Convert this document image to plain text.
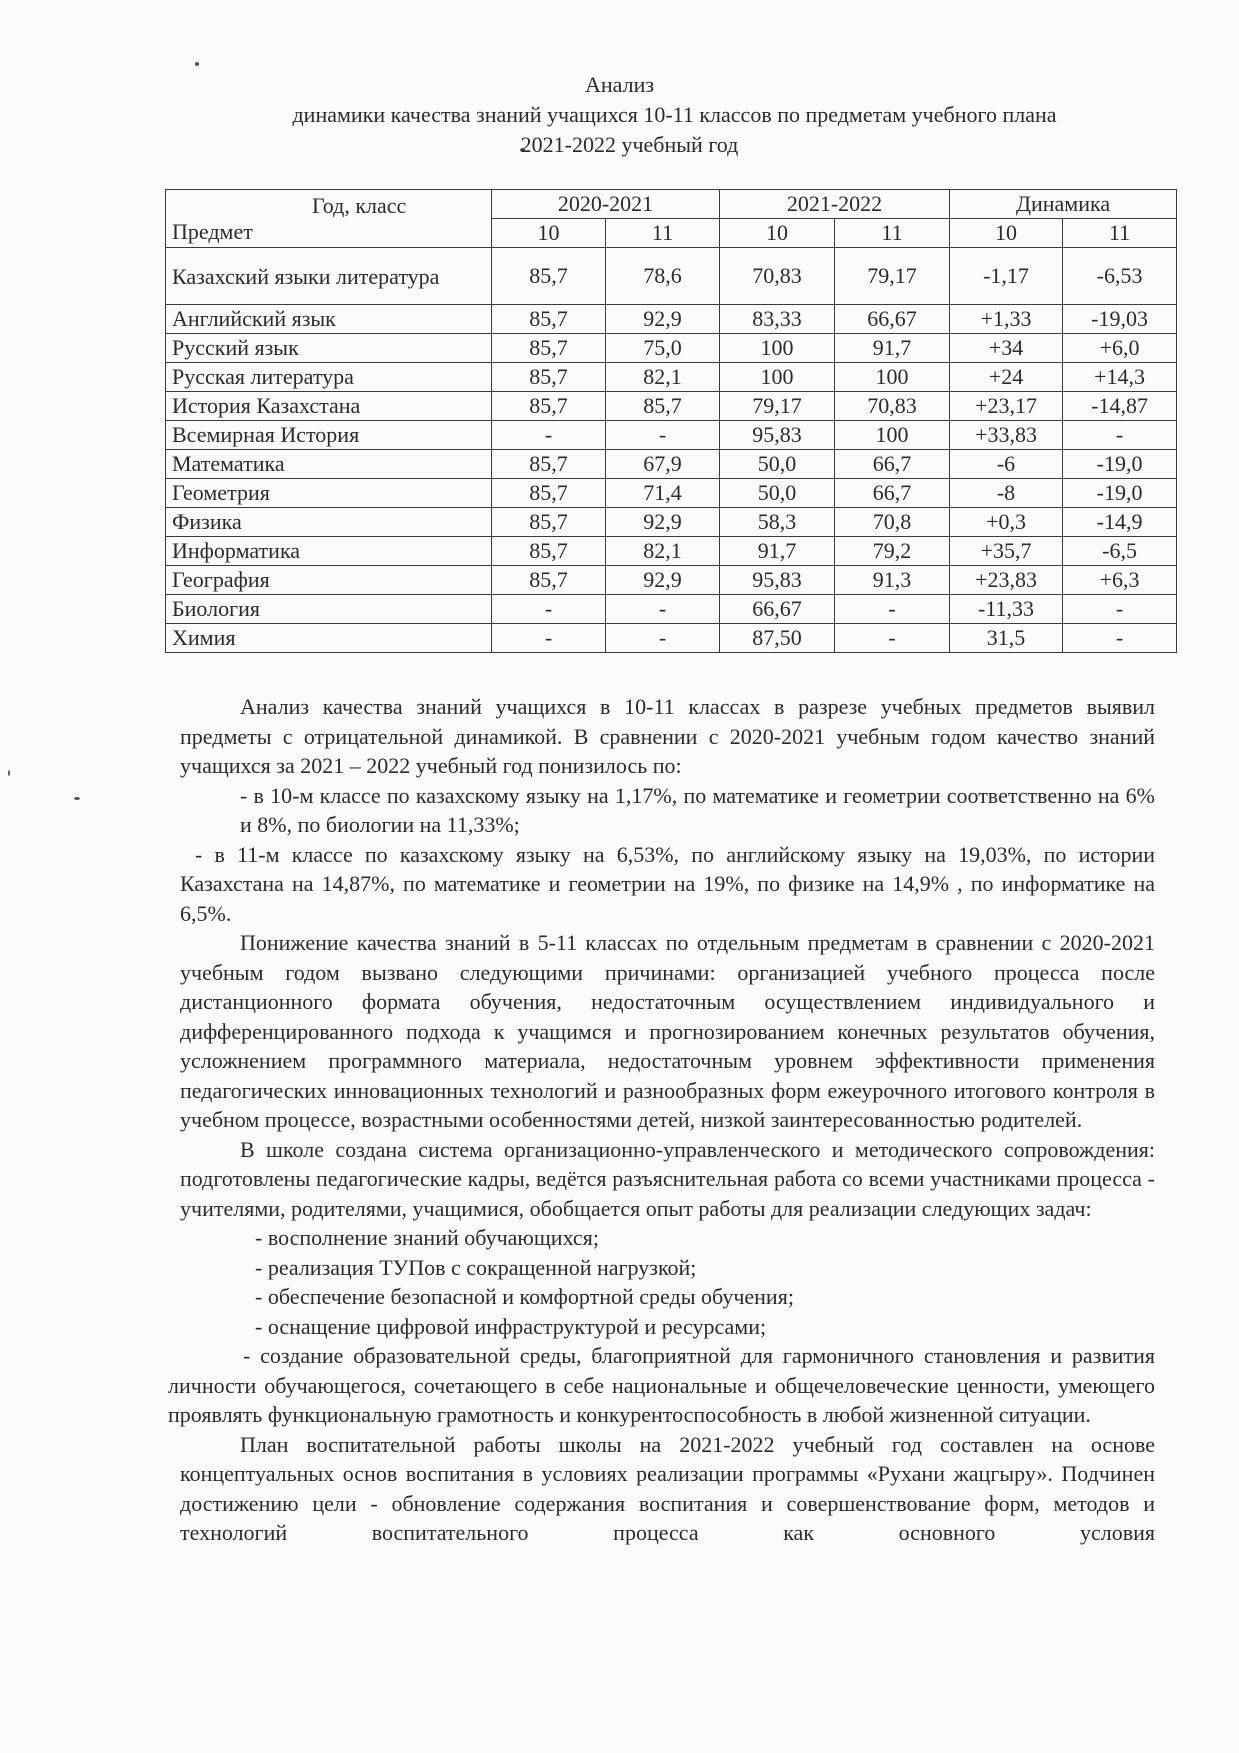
Анализ
динамики качества знаний учащихся 10-11 классов по предметам учебного плана
2021-2022 учебный год
Год, класс
Предмет	2020-2021		2021-2022		Динамика	
	10	11	10	11	10	11
Казахский языки литература	85,7	78,6	70,83	79,17	-1,17	-6,53
Английский язык	85,7	92,9	83,33	66,67	+1,33	-19,03
Русский язык	85,7	75,0	100	91,7	+34	+6,0
Русская литература	85,7	82,1	100	100	+24	+14,3
История Казахстана	85,7	85,7	79,17	70,83	+23,17	-14,87
Всемирная История	-	-	95,83	100	+33,83	-
Математика	85,7	67,9	50,0	66,7	-6	-19,0
Геометрия	85,7	71,4	50,0	66,7	-8	-19,0
Физика	85,7	92,9	58,3	70,8	+0,3	-14,9
Информатика	85,7	82,1	91,7	79,2	+35,7	-6,5
География	85,7	92,9	95,83	91,3	+23,83	+6,3
Биология	-	-	66,67	-	-11,33	-
Химия	-	-	87,50	-	31,5	-

Анализ качества знаний учащихся в 10-11 классах в разрезе учебных предметов выявил предметы с отрицательной динамикой. В сравнении с 2020-2021 учебным годом качество знаний учащихся за 2021 – 2022 учебный год понизилось по:

- в 10-м классе по казахскому языку на 1,17%, по математике и геометрии соответственно на 6% и 8%, по биологии на 11,33%;

- в 11-м классе по казахскому языку на 6,53%, по английскому языку на 19,03%, по истории Казахстана на 14,87%, по математике и геометрии на 19%, по физике на 14,9% , по информатике на 6,5%.

Понижение качества знаний в 5-11 классах по отдельным предметам в сравнении с 2020-2021 учебным годом вызвано следующими причинами: организацией учебного процесса после дистанционного формата обучения, недостаточным осуществлением индивидуального и дифференцированного подхода к учащимся и прогнозированием конечных результатов обучения, усложнением программного материала, недостаточным уровнем эффективности применения педагогических инновационных технологий и разнообразных форм ежеурочного итогового контроля в учебном процессе, возрастными особенностями детей, низкой заинтересованностью родителей.

В школе создана система организационно-управленческого и методического сопровождения: подготовлены педагогические кадры, ведётся разъяснительная работа со всеми участниками процесса - учителями, родителями, учащимися, обобщается опыт работы для реализации следующих задач:

- восполнение знаний обучающихся;

- реализация ТУПов с сокращенной нагрузкой;

- обеспечение безопасной и комфортной среды обучения;

- оснащение цифровой инфраструктурой и ресурсами;

- создание образовательной среды, благоприятной для гармоничного становления и развития личности обучающегося, сочетающего в себе национальные и общечеловеческие ценности, умеющего проявлять функциональную грамотность и конкурентоспособность в любой жизненной ситуации.

План воспитательной работы школы на 2021-2022 учебный год составлен на основе концептуальных основ воспитания в условиях реализации программы «Рухани жацгыру». Подчинен достижению цели - обновление содержания воспитания и совершенствование форм, методов и технологий воспитательного процесса как основного условия
